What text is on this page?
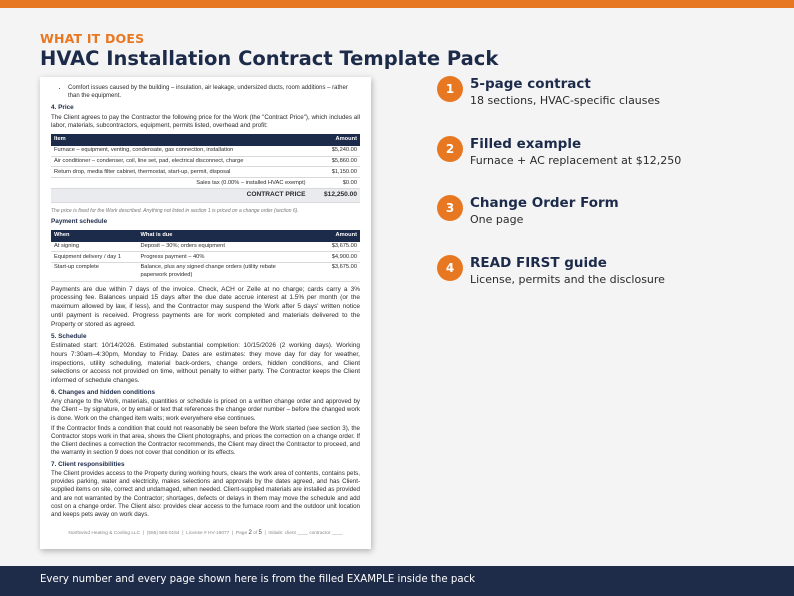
WHAT IT DOES
HVAC Installation Contract Template Pack
• Comfort issues caused by the building – insulation, air leakage, undersized ducts, room additions – rather than the equipment.
4. Price
The Client agrees to pay the Contractor the following price for the Work (the "Contract Price"), which includes all labor, materials, subcontractors, equipment, permits listed, overhead and profit:
Item	Amount
Furnace – equipment, venting, condensate, gas connection, installation	$5,240.00
Air conditioner – condenser, coil, line set, pad, electrical disconnect, charge	$5,860.00
Return drop, media filter cabinet, thermostat, start-up, permit, disposal	$1,150.00
Sales tax (0.00% – installed HVAC exempt)	$0.00
CONTRACT PRICE	$12,250.00
The price is fixed for the Work described. Anything not listed in section 1 is priced on a change order (section 6).
Payment schedule
When	What is due	Amount
At signing	Deposit – 30%; orders equipment	$3,675.00
Equipment delivery / day 1	Progress payment – 40%	$4,900.00
Start-up complete	Balance, plus any signed change orders (utility rebate paperwork provided)	$3,675.00
Payments are due within 7 days of the invoice. Check, ACH or Zelle at no charge; cards carry a 3% processing fee. Balances unpaid 15 days after the due date accrue interest at 1.5% per month (or the maximum allowed by law, if less), and the Contractor may suspend the Work after 5 days' written notice until payment is received. Progress payments are for work completed and materials delivered to the Property or stored as agreed.
5. Schedule
Estimated start: 10/14/2026. Estimated substantial completion: 10/15/2026 (2 working days). Working hours 7:30am–4:30pm, Monday to Friday. Dates are estimates: they move day for day for weather, inspections, utility scheduling, material back-orders, change orders, hidden conditions, and Client selections or access not provided on time, without penalty to either party. The Contractor keeps the Client informed of schedule changes.
6. Changes and hidden conditions
Any change to the Work, materials, quantities or schedule is priced on a written change order and approved by the Client – by signature, or by email or text that references the change order number – before the changed work is done. Work on the changed item waits; work everywhere else continues.
If the Contractor finds a condition that could not reasonably be seen before the Work started (see section 3), the Contractor stops work in that area, shows the Client photographs, and prices the correction on a change order. If the Client declines a correction the Contractor recommends, the Client may direct the Contractor to proceed, and the warranty in section 9 does not cover that condition or its effects.
7. Client responsibilities
The Client provides access to the Property during working hours, clears the work area of contents, contains pets, provides parking, water and electricity, makes selections and approvals by the dates agreed, and has Client-supplied items on site, correct and undamaged, when needed. Client-supplied materials are installed as provided and are not warranted by the Contractor; shortages, defects or delays in them may move the schedule and add cost on a change order. The Client also: provides clear access to the furnace room and the outdoor unit location and keeps pets away on work days.
Northwind Heating & Cooling LLC  |  (555) 555-0154  |  License # HV-19077  |  Page 2 of 5  |  Initials: client ____ contractor ____
1	5-page contract
18 sections, HVAC-specific clauses
2	Filled example
Furnace + AC replacement at $12,250
3	Change Order Form
One page
4	READ FIRST guide
License, permits and the disclosure
Every number and every page shown here is from the filled EXAMPLE inside the pack
